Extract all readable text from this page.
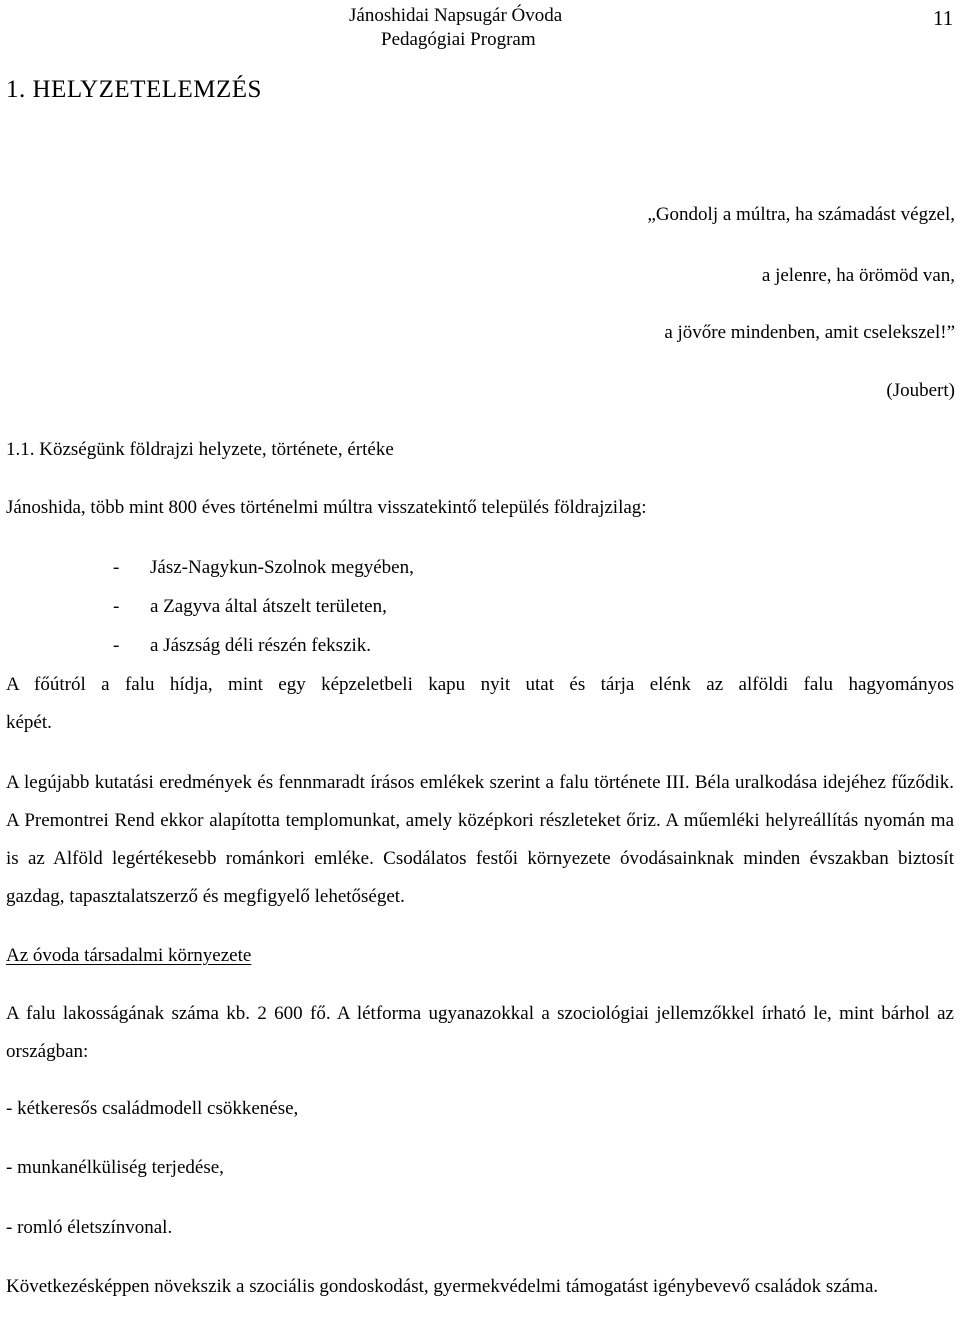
Jánoshidai Napsugár Óvoda
Pedagógiai Program
11
1. HELYZETELEMZÉS
„Gondolj a múltra, ha számadást végzel,
a jelenre, ha örömöd van,
a jövőre mindenben, amit cselekszel!”
(Joubert)
1.1. Községünk földrajzi helyzete, története, értéke
Jánoshida, több mint 800 éves történelmi múltra visszatekintő település földrajzilag:
- Jász-Nagykun-Szolnok megyében,
- a Zagyva által átszelt területen,
- a Jászság déli részén fekszik.
A főútról a falu hídja, mint egy képzeletbeli kapu nyit utat és tárja elénk az alföldi falu hagyományos
képét.
A legújabb kutatási eredmények és fennmaradt írásos emlékek szerint a falu története III. Béla uralkodása idejéhez fűződik. A Premontrei Rend ekkor alapította templomunkat, amely középkori részleteket őriz. A műemléki helyreállítás nyomán ma is az Alföld legértékesebb románkori emléke. Csodálatos festői környezete óvodásainknak minden évszakban biztosít gazdag, tapasztalatszerző és megfigyelő lehetőséget.
Az óvoda társadalmi környezete
A falu lakosságának száma kb. 2 600 fő. A létforma ugyanazokkal a szociológiai jellemzőkkel írható le, mint bárhol az országban:
- kétkeresős családmodell csökkenése,
- munkanélküliség terjedése,
- romló életszínvonal.
Következésképpen növekszik a szociális gondoskodást, gyermekvédelmi támogatást igénybevevő családok száma.
